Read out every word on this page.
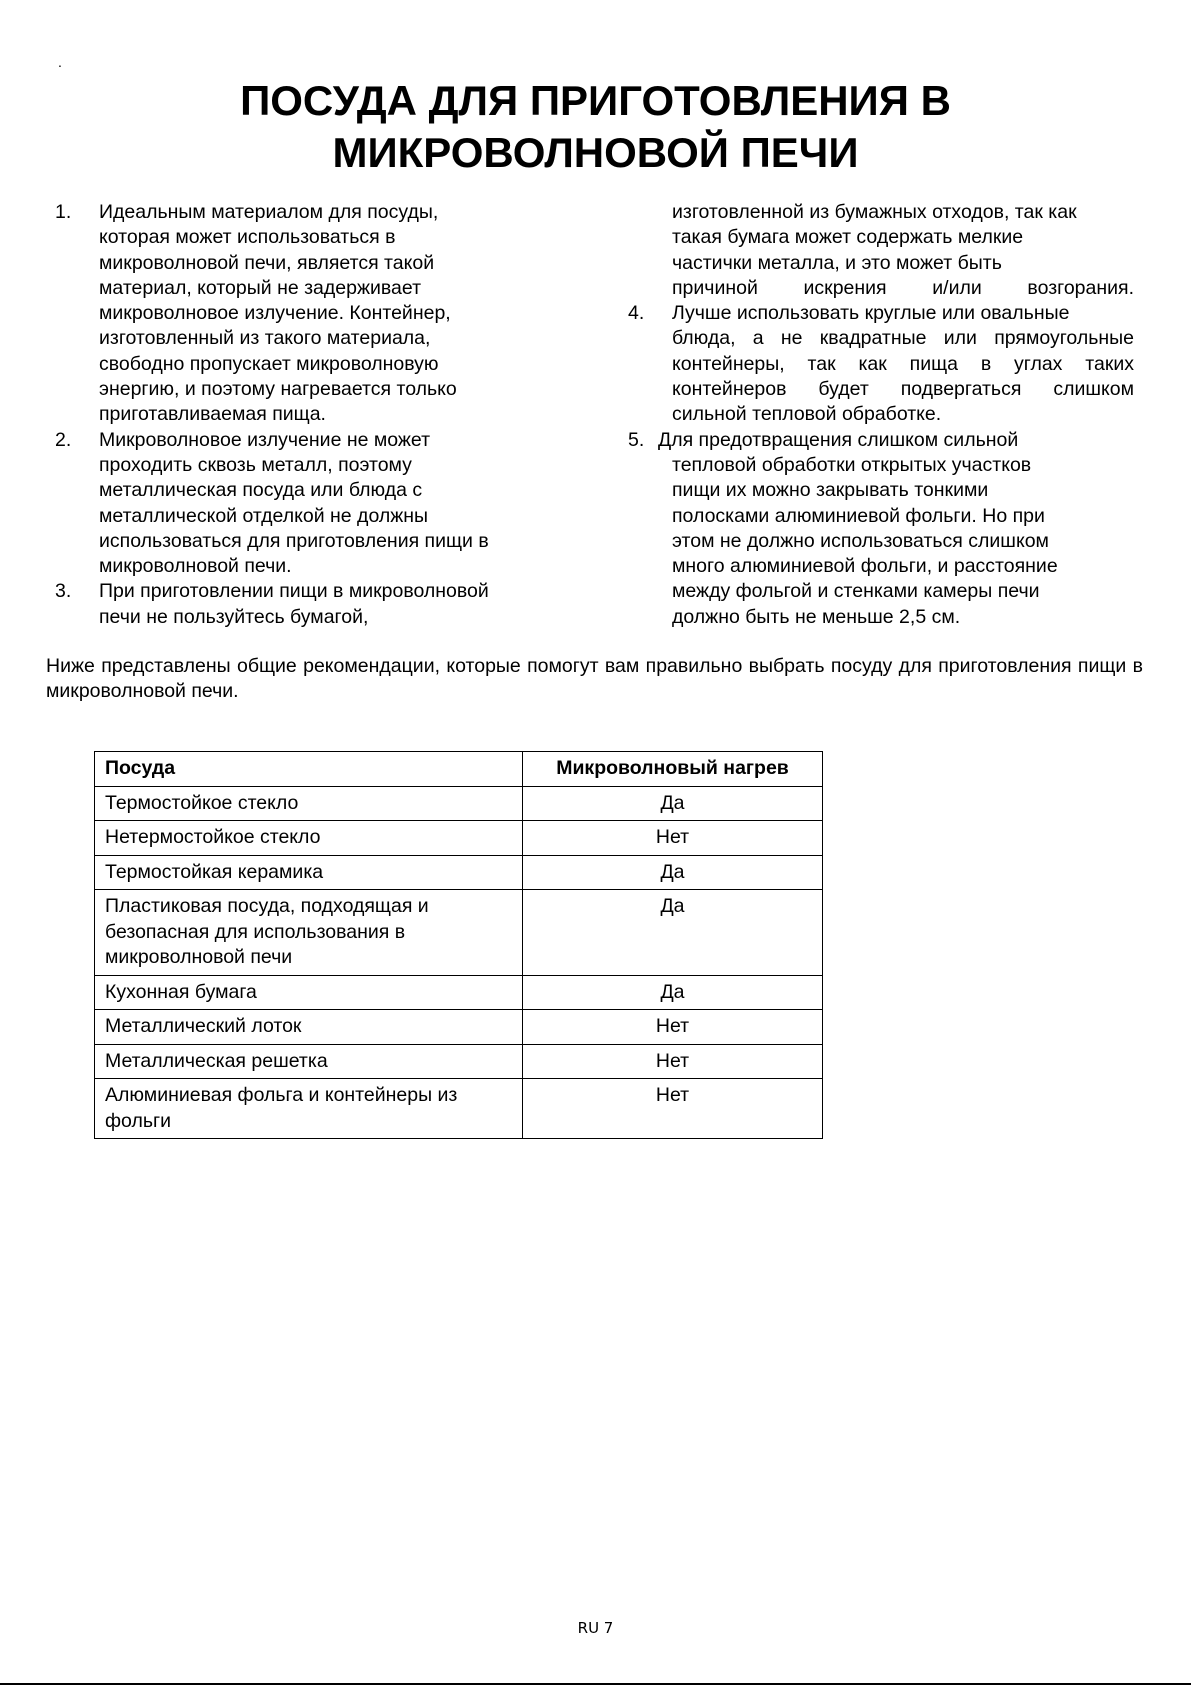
.
ПОСУДА ДЛЯ ПРИГОТОВЛЕНИЯ В
МИКРОВОЛНОВОЙ ПЕЧИ
1. Идеальным материалом для посуды,
которая может использоваться в
микроволновой печи, является такой
материал, который не задерживает
микроволновое излучение. Контейнер,
изготовленный из такого материала,
свободно пропускает микроволновую
энергию, и поэтому нагревается только
приготавливаемая пища.
2. Микроволновое излучение не может
проходить сквозь металл, поэтому
металлическая посуда или блюда с
металлической отделкой не должны
использоваться для приготовления пищи в
микроволновой печи.
3. При приготовлении пищи в микроволновой
печи не пользуйтесь бумагой,
изготовленной из бумажных отходов, так как
такая бумага может содержать мелкие
частички металла, и это может быть
причиной искрения и/или возгорания.
4. Лучше использовать круглые или овальные
блюда, а не квадратные или прямоугольные
контейнеры, так как пища в углах таких
контейнеров будет подвергаться слишком
сильной тепловой обработке.
5. Для предотвращения слишком сильной
тепловой обработки открытых участков
пищи их можно закрывать тонкими
полосками алюминиевой фольги. Но при
этом не должно использоваться слишком
много алюминиевой фольги, и расстояние
между фольгой и стенками камеры печи
должно быть не меньше 2,5 см.

Ниже представлены общие рекомендации, которые помогут вам правильно выбрать посуду для приготовления пищи в микроволновой печи.

Посуда	Микроволновый нагрев
Термостойкое стекло	Да
Нетермостойкое стекло	Нет
Термостойкая керамика	Да
Пластиковая посуда, подходящая и безопасная для использования в микроволновой печи	Да
Кухонная бумага	Да
Металлический лоток	Нет
Металлическая решетка	Нет
Алюминиевая фольга и контейнеры из фольги	Нет
RU 7
